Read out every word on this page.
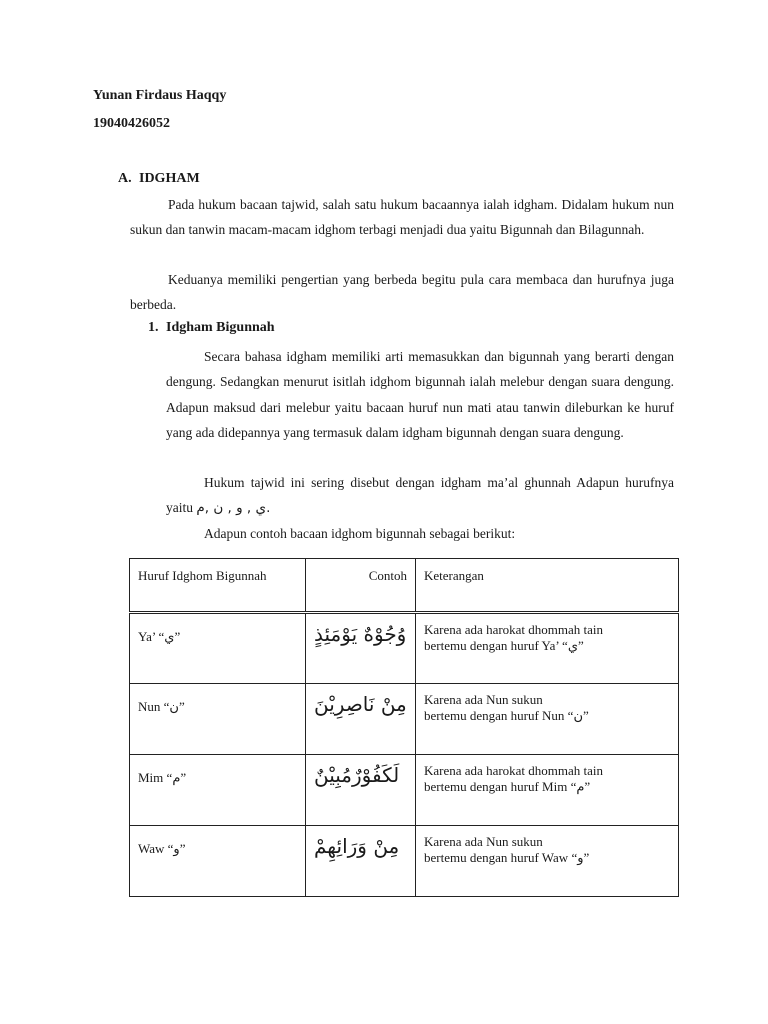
Yunan Firdaus Haqqy
19040426052
A. IDGHAM

Pada hukum bacaan tajwid, salah satu hukum bacaannya ialah idgham. Didalam hukum nun sukun dan tanwin macam-macam idghom terbagi menjadi dua yaitu Bigunnah dan Bilagunnah.

Keduanya memiliki pengertian yang berbeda begitu pula cara membaca dan hurufnya juga berbeda.

1. Idgham Bigunnah

Secara bahasa idgham memiliki arti memasukkan dan bigunnah yang berarti dengan dengung. Sedangkan menurut isitlah idghom bigunnah ialah melebur dengan suara dengung. Adapun maksud dari melebur yaitu bacaan huruf nun mati atau tanwin dileburkan ke huruf yang ada didepannya yang termasuk dalam idgham bigunnah dengan suara dengung.

Hukum tajwid ini sering disebut dengan idgham ma’al ghunnah Adapun hurufnya yaitu ي , و , ن ,م.

Adapun contoh bacaan idghom bigunnah sebagai berikut:

Huruf Idghom Bigunnah	Contoh	Keterangan
Ya’ “ي”	وُجُوْهٌ يَوْمَئِذٍ	Karena ada harokat dhommah tain
bertemu dengan huruf Ya’ “ي”

Nun “ن”	مِنْ نَاصِرِيْنَ	Karena ada Nun sukun
bertemu dengan huruf Nun “ن”

Mim “م”	لَكَفُوْرٌمُبِيْنٌ	Karena ada harokat dhommah tain
bertemu dengan huruf Mim “م”

Waw “و”	مِنْ وَرَائِهِمْ	Karena ada Nun sukun
bertemu dengan huruf Waw “و”
